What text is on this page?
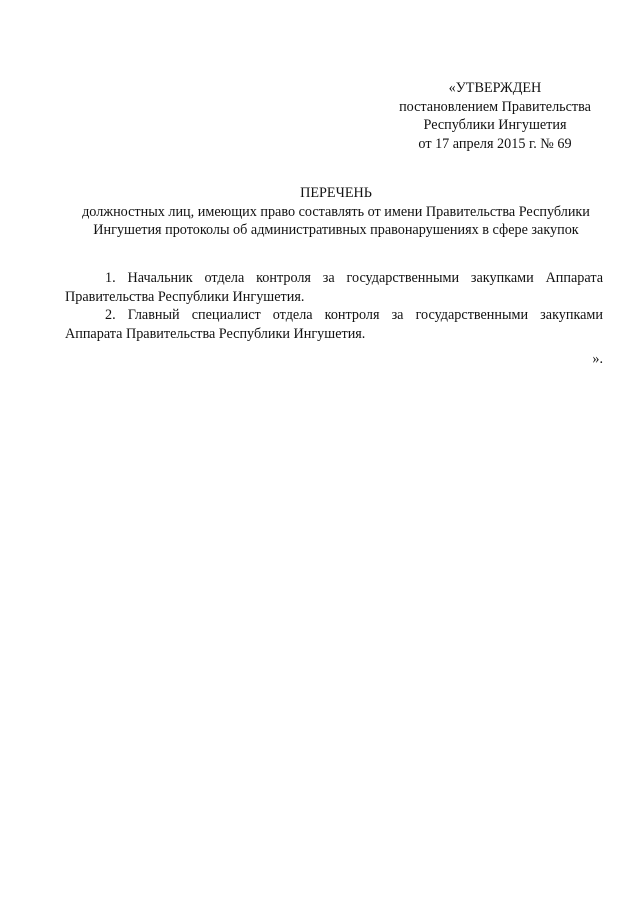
«УТВЕРЖДЕН
постановлением Правительства
Республики Ингушетия
от 17 апреля 2015 г. № 69
ПЕРЕЧЕНЬ
должностных лиц, имеющих право составлять от имени Правительства Республики
Ингушетия протоколы об административных правонарушениях в сфере закупок

1. Начальник отдела контроля за государственными закупками Аппарата Правительства Республики Ингушетия.

2. Главный специалист отдела контроля за государственными закупками Аппарата Правительства Республики Ингушетия.

».
